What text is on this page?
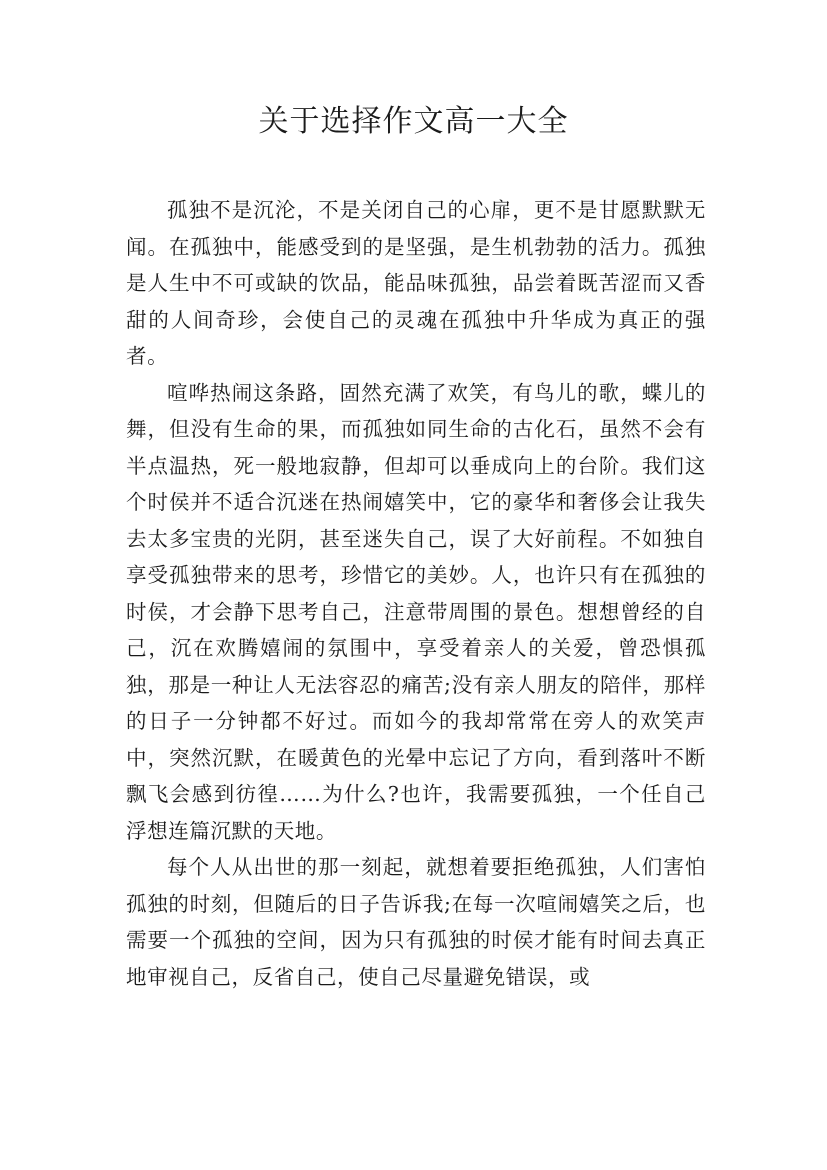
关于选择作文高一大全

孤独不是沉沦，不是关闭自己的心扉，更不是甘愿默默无闻。在孤独中，能感受到的是坚强，是生机勃勃的活力。孤独是人生中不可或缺的饮品，能品味孤独，品尝着既苦涩而又香甜的人间奇珍，会使自己的灵魂在孤独中升华成为真正的强者。

喧哗热闹这条路，固然充满了欢笑，有鸟儿的歌，蝶儿的舞，但没有生命的果，而孤独如同生命的古化石，虽然不会有半点温热，死一般地寂静，但却可以垂成向上的台阶。我们这个时侯并不适合沉迷在热闹嬉笑中，它的豪华和奢侈会让我失去太多宝贵的光阴，甚至迷失自己，误了大好前程。不如独自享受孤独带来的思考，珍惜它的美妙。人，也许只有在孤独的时侯，才会静下思考自己，注意带周围的景色。想想曾经的自己，沉在欢腾嬉闹的氛围中，享受着亲人的关爱，曾恐惧孤独，那是一种让人无法容忍的痛苦;没有亲人朋友的陪伴，那样的日子一分钟都不好过。而如今的我却常常在旁人的欢笑声中，突然沉默，在暖黄色的光晕中忘记了方向，看到落叶不断飘飞会感到彷徨……为什么?也许，我需要孤独，一个任自己浮想连篇沉默的天地。

每个人从出世的那一刻起，就想着要拒绝孤独，人们害怕孤独的时刻，但随后的日子告诉我;在每一次喧闹嬉笑之后，也需要一个孤独的空间，因为只有孤独的时侯才能有时间去真正地审视自己，反省自己，使自己尽量避免错误，或
